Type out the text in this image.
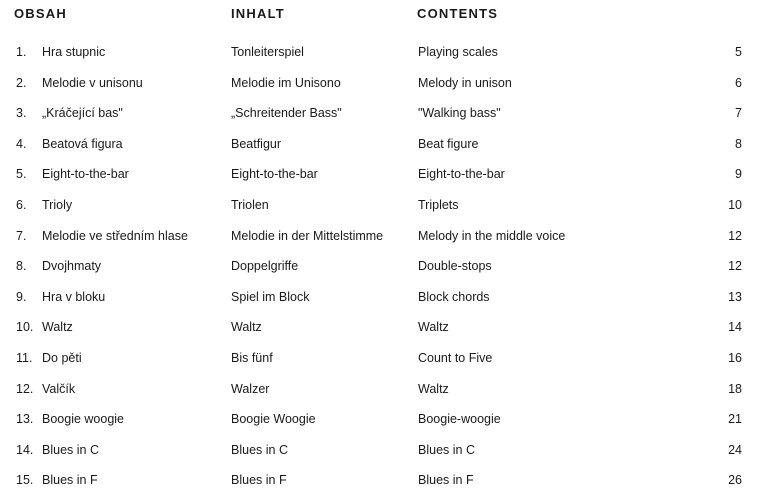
OBSAH	INHALT	CONTENTS
1. Hra stupnic	Tonleiterspiel	Playing scales	5
2. Melodie v unisonu	Melodie im Unisono	Melody in unison	6
3. „Kráčející bas"	„Schreitender Bass"	"Walking bass"	7
4. Beatová figura	Beatfigur	Beat figure	8
5. Eight-to-the-bar	Eight-to-the-bar	Eight-to-the-bar	9
6. Trioly	Triolen	Triplets	10
7. Melodie ve středním hlase	Melodie in der Mittelstimme	Melody in the middle voice	12
8. Dvojhmaty	Doppelgriffe	Double-stops	12
9. Hra v bloku	Spiel im Block	Block chords	13
10. Waltz	Waltz	Waltz	14
11. Do pěti	Bis fünf	Count to Five	16
12. Valčík	Walzer	Waltz	18
13. Boogie woogie	Boogie Woogie	Boogie-woogie	21
14. Blues in C	Blues in C	Blues in C	24
15. Blues in F	Blues in F	Blues in F	26
